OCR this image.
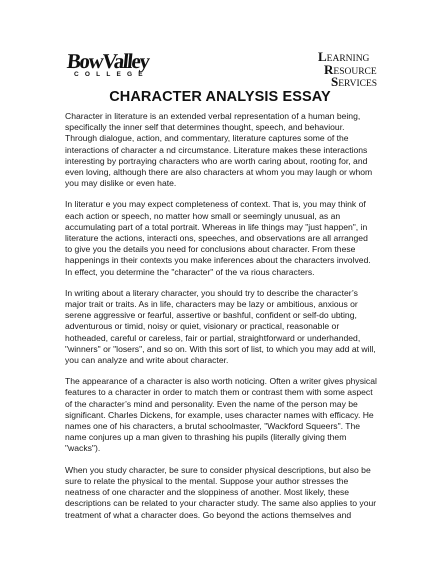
BowValley
COLLEGE
LEARNING
RESOURCE
SERVICES
CHARACTER ANALYSIS ESSAY

Character in literature is an extended verbal representation of a human being, specifically the inner self that determines thought, speech, and behaviour. Through dialogue, action, and commentary, literature captures some of the interactions of character a nd circumstance. Literature makes these interactions interesting by portraying characters who are worth caring about, rooting for, and even loving, although there are also characters at whom you may laugh or whom you may dislike or even hate.

In literatur e you may expect completeness of context. That is, you may think of each action or speech, no matter how small or seemingly unusual, as an accumulating part of a total portrait. Whereas in life things may "just happen", in literature the actions, interacti ons, speeches, and observations are all arranged to give you the details you need for conclusions about character. From these happenings in their contexts you make inferences about the characters involved. In effect, you determine the "character" of the va rious characters.

In writing about a literary character, you should try to describe the character’s major trait or traits. As in life, characters may be lazy or ambitious, anxious or serene aggressive or fearful, assertive or bashful, confident or self-do ubting, adventurous or timid, noisy or quiet, visionary or practical, reasonable or hotheaded, careful or careless, fair or partial, straightforward or underhanded, "winners" or "losers", and so on. With this sort of list, to which you may add at will, you can analyze and write about character.

The appearance of a character is also worth noticing. Often a writer gives physical features to a character in order to match them or contrast them with some aspect of the character’s mind and personality. Even the name of the person may be significant. Charles Dickens, for example, uses character names with efficacy. He names one of his characters, a brutal schoolmaster, "Wackford Squeers". The name conjures up a man given to thrashing his pupils (literally giving them "wacks").

When you study character, be sure to consider physical descriptions, but also be sure to relate the physical to the mental. Suppose your author stresses the neatness of one character and the sloppiness of another. Most likely, these descriptions can be related to your character study. The same also applies to your treatment of what a character does. Go beyond the actions themselves and
